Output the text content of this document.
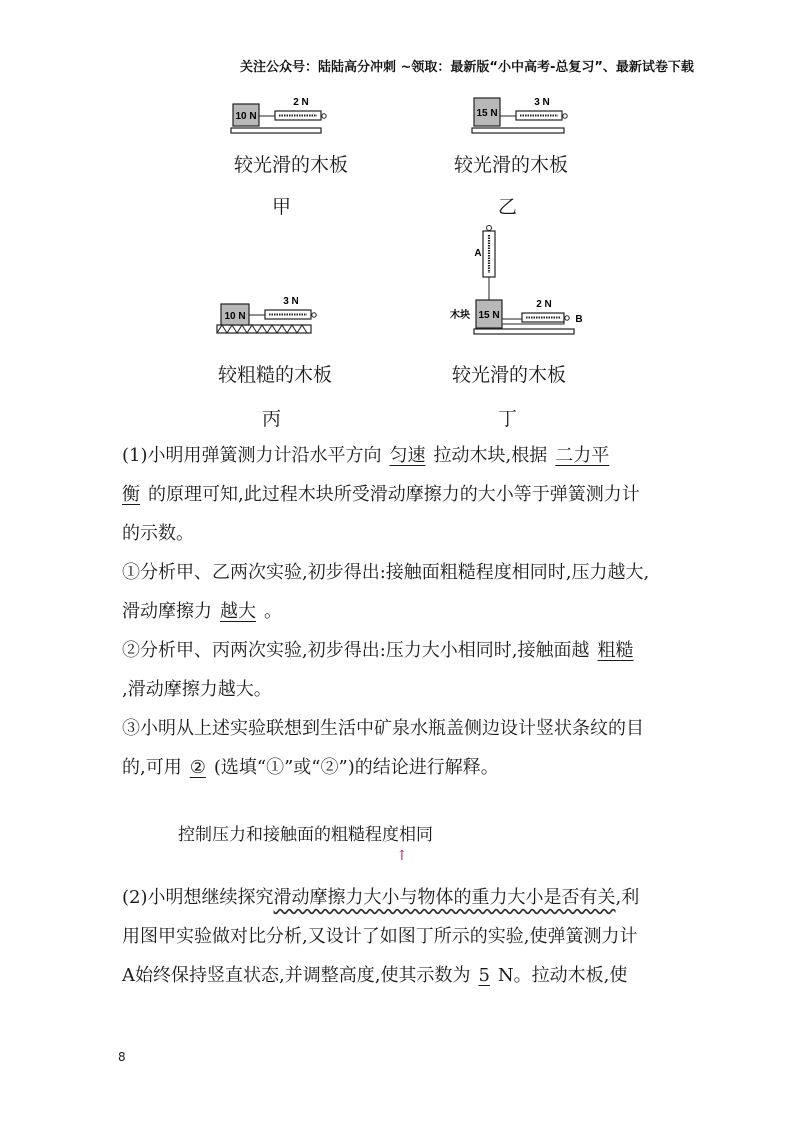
关注公众号：陆陆高分冲刺 ~领取：最新版“小中高考-总复习”、最新试卷下载
10 N
2 N
较光滑的木板
甲
15 N
3 N
较光滑的木板
乙
10 N
3 N
较粗糙的木板
丙
A
木块 15 N	B
2 N
较光滑的木板
丁

(1)小明用弹簧测力计沿水平方向 匀速 拉动木块,根据 二力平

衡 的原理可知,此过程木块所受滑动摩擦力的大小等于弹簧测力计

的示数。

①分析甲、乙两次实验,初步得出:接触面粗糙程度相同时,压力越大,

滑动摩擦力 越大 。

②分析甲、丙两次实验,初步得出:压力大小相同时,接触面越 粗糙

,滑动摩擦力越大。

③小明从上述实验联想到生活中矿泉水瓶盖侧边设计竖状条纹的目

的,可用 ② (选填“①”或“②”)的结论进行解释。

控制压力和接触面的粗糙程度相同
↑

(2)小明想继续探究滑动摩擦力大小与物体的重力大小是否有关,利

用图甲实验做对比分析,又设计了如图丁所示的实验,使弹簧测力计

A始终保持竖直状态,并调整高度,使其示数为 5 N。拉动木板,使

8
